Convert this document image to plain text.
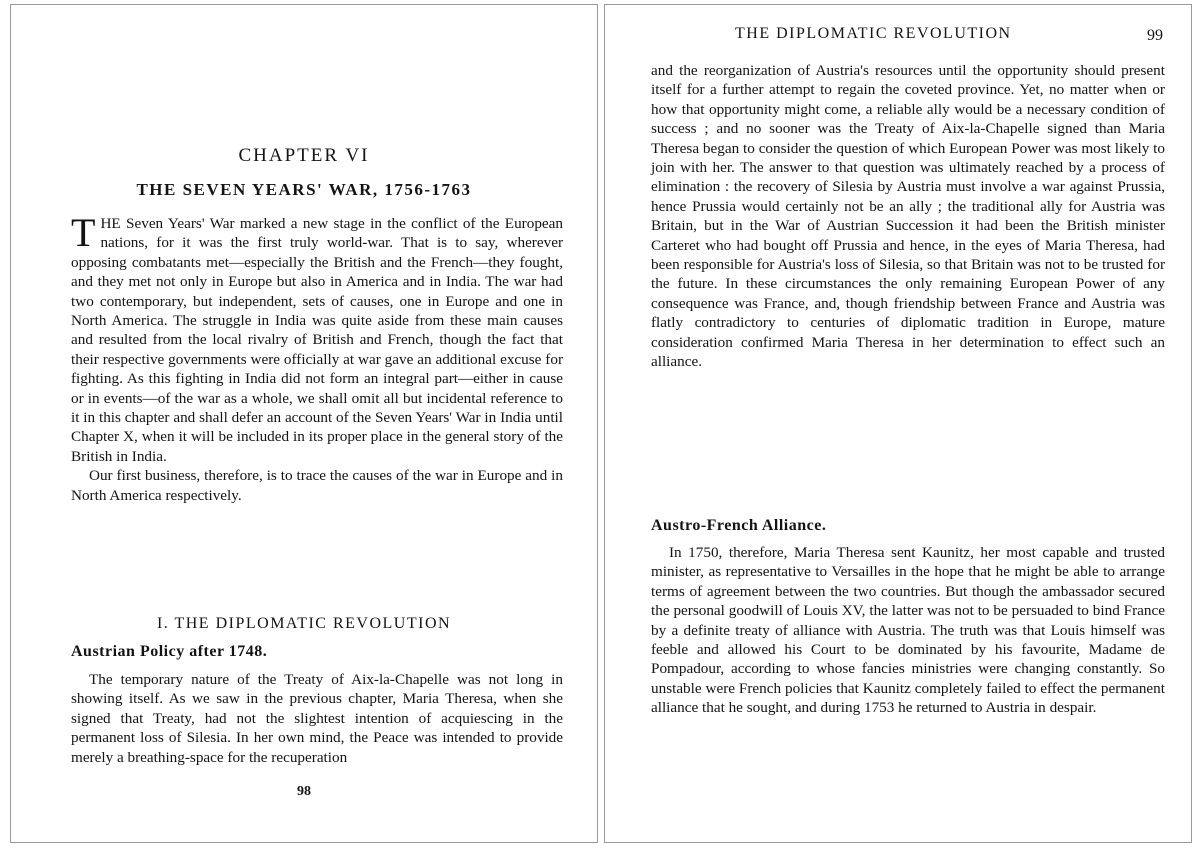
CHAPTER VI
THE SEVEN YEARS' WAR, 1756-1763

THE Seven Years' War marked a new stage in the conflict of the European nations, for it was the first truly world-war. That is to say, wherever opposing combatants met—especially the British and the French—they fought, and they met not only in Europe but also in America and in India. The war had two contemporary, but independent, sets of causes, one in Europe and one in North America. The struggle in India was quite aside from these main causes and resulted from the local rivalry of British and French, though the fact that their respective governments were officially at war gave an additional excuse for fighting. As this fighting in India did not form an integral part—either in cause or in events—of the war as a whole, we shall omit all but incidental reference to it in this chapter and shall defer an account of the Seven Years' War in India until Chapter X, when it will be included in its proper place in the general story of the British in India.

Our first business, therefore, is to trace the causes of the war in Europe and in North America respectively.

I. THE DIPLOMATIC REVOLUTION
Austrian Policy after 1748.

The temporary nature of the Treaty of Aix-la-Chapelle was not long in showing itself. As we saw in the previous chapter, Maria Theresa, when she signed that Treaty, had not the slightest intention of acquiescing in the permanent loss of Silesia. In her own mind, the Peace was intended to provide merely a breathing-space for the recuperation

98
THE DIPLOMATIC REVOLUTION	99

and the reorganization of Austria's resources until the opportunity should present itself for a further attempt to regain the coveted province. Yet, no matter when or how that opportunity might come, a reliable ally would be a necessary condition of success ; and no sooner was the Treaty of Aix-la-Chapelle signed than Maria Theresa began to consider the question of which European Power was most likely to join with her. The answer to that question was ultimately reached by a process of elimination : the recovery of Silesia by Austria must involve a war against Prussia, hence Prussia would certainly not be an ally ; the traditional ally for Austria was Britain, but in the War of Austrian Succession it had been the British minister Carteret who had bought off Prussia and hence, in the eyes of Maria Theresa, had been responsible for Austria's loss of Silesia, so that Britain was not to be trusted for the future. In these circumstances the only remaining European Power of any consequence was France, and, though friendship between France and Austria was flatly contradictory to centuries of diplomatic tradition in Europe, mature consideration confirmed Maria Theresa in her determination to effect such an alliance.

Austro-French Alliance.

In 1750, therefore, Maria Theresa sent Kaunitz, her most capable and trusted minister, as representative to Versailles in the hope that he might be able to arrange terms of agreement between the two countries. But though the ambassador secured the personal goodwill of Louis XV, the latter was not to be persuaded to bind France by a definite treaty of alliance with Austria. The truth was that Louis himself was feeble and allowed his Court to be dominated by his favourite, Madame de Pompadour, according to whose fancies ministries were changing constantly. So unstable were French policies that Kaunitz completely failed to effect the permanent alliance that he sought, and during 1753 he returned to Austria in despair.
